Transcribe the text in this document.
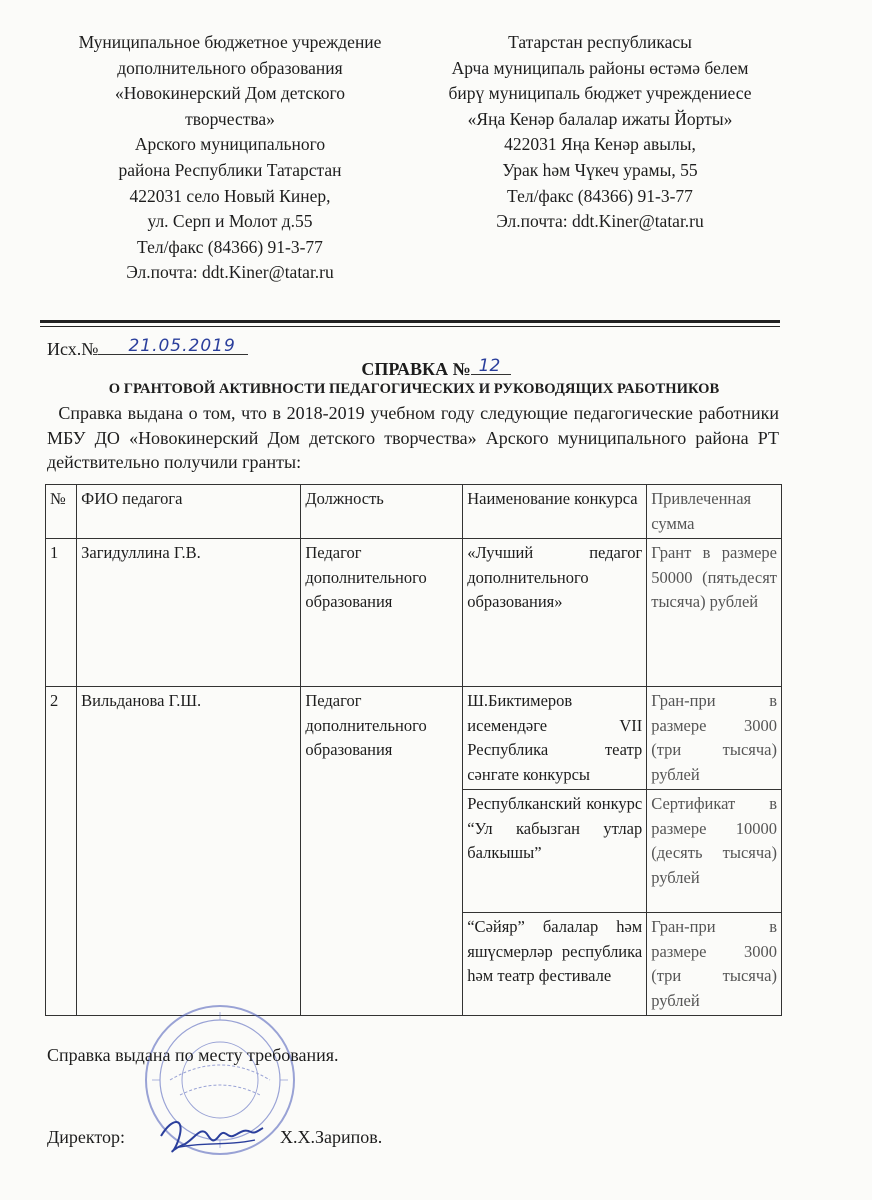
Муниципальное бюджетное учреждение
дополнительного образования
«Новокинерский Дом детского
творчества»
Арского муниципального
района Республики Татарстан
422031 село Новый Кинер,
ул. Серп и Молот д.55
Тел/факс (84366) 91-3-77
Эл.почта: ddt.Kiner@tatar.ru
Татарстан республикасы
Арча муниципаль районы өстәмә белем
бирү муниципаль бюджет учреждениесе
«Яңа Кенәр балалар ижаты Йорты»
422031 Яңа Кенәр авылы,
Урак һәм Чүкеч урамы, 55
Тел/факс (84366) 91-3-77
Эл.почта: ddt.Kiner@tatar.ru
Исх.№ 21.05.2019
СПРАВКА № 12
О ГРАНТОВОЙ АКТИВНОСТИ ПЕДАГОГИЧЕСКИХ И РУКОВОДЯЩИХ РАБОТНИКОВ
Справка выдана о том, что в 2018-2019 учебном году следующие педагогические работники МБУ ДО «Новокинерский Дом детского творчества» Арского муниципального района РТ действительно получили гранты:
№	ФИО педагога	Должность	Наименование конкурса	Привлеченная сумма
1	Загидуллина Г.В.	Педагог дополнительного образования	«Лучший педагог дополнительного образования»	Грант в размере 50000 (пятьдесят тысяча) рублей
2	Вильданова Г.Ш.	Педагог дополнительного образования	Ш.Биктимеров исемендәге VII Республика театр сәнгате конкурсы	Гран-при в размере 3000 (три тысяча) рублей
			Республканский конкурс “Ул кабызган утлар балкышы”	Сертификат в размере 10000 (десять тысяча) рублей
			“Сәйяр” балалар һәм яшүсмерләр республика һәм театр фестивале	Гран-при в размере 3000 (три тысяча) рублей
Справка выдана по месту требования.
Директор:	Х.Х.Зарипов.
